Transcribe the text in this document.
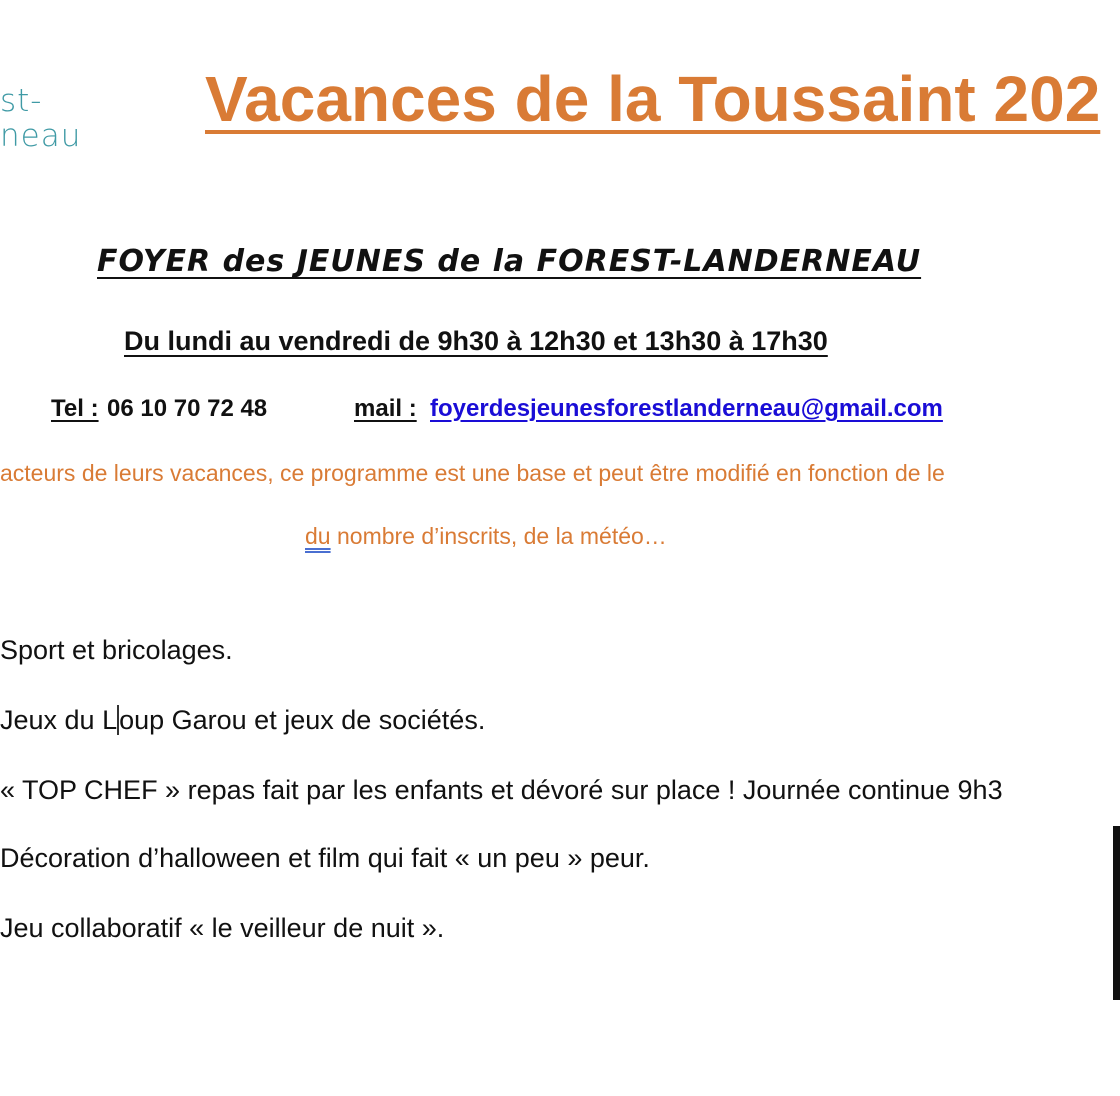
st-
neau
Vacances de la Toussaint 202
FOYER des JEUNES de la FOREST-LANDERNEAU
Du lundi au vendredi de 9h30 à 12h30 et 13h30 à 17h30
Tel : 06 10 70 72 48	mail : foyerdesjeunesforestlanderneau@gmail.com
acteurs de leurs vacances, ce programme est une base et peut être modifié en fonction de le
du nombre d’inscrits, de la météo…
Sport et bricolages.
Jeux du Loup Garou et jeux de sociétés.
« TOP CHEF » repas fait par les enfants et dévoré sur place ! Journée continue 9h3
Décoration d’halloween et film qui fait « un peu » peur.
Jeu collaboratif « le veilleur de nuit ».
